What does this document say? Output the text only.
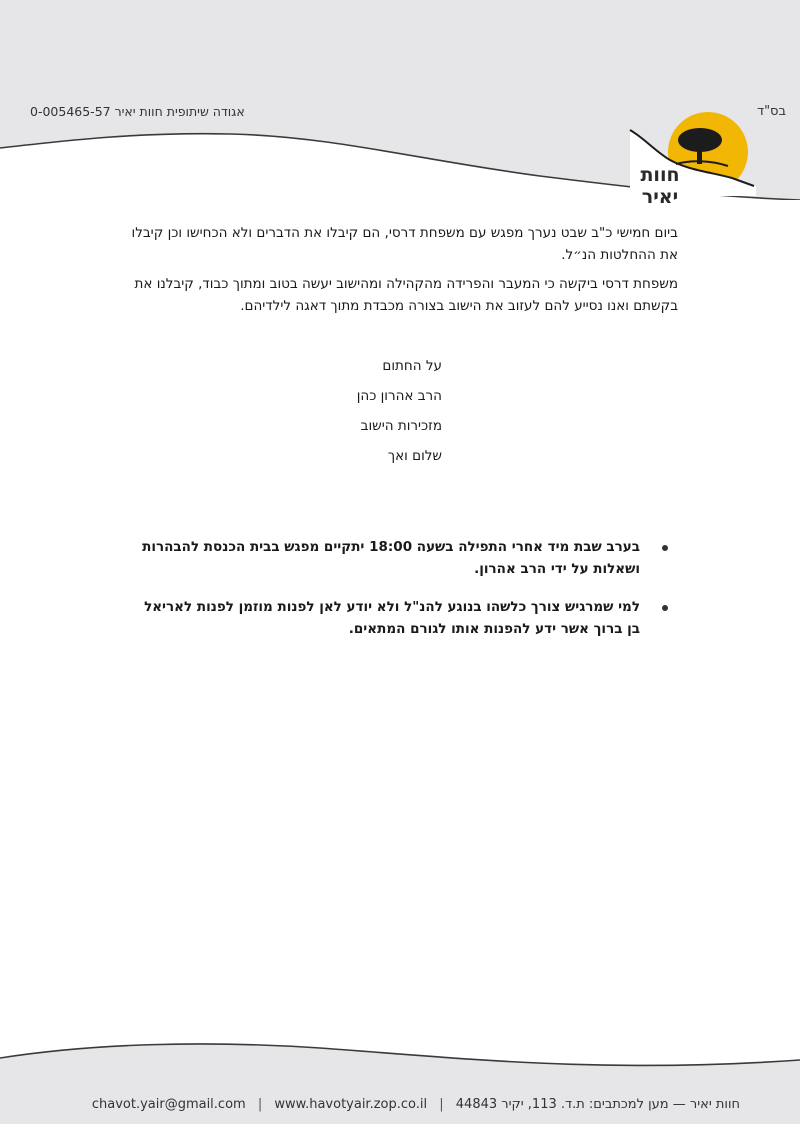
בס"ד
אגודה שיתופית חוות יאיר 0-005465-57
חוות יאיר
ביום חמישי כ"ב שבט נערך מפגש עם משפחת דרסי, הם קיבלו את הדברים ולא הכחישו וכן קיבלו את ההחלטות הנ״ל.
משפחת דרסי ביקשה כי המעבר והפרידה מהקהילה ומהישוב יעשה בטוב ומתוך כבוד, קיבלנו את בקשתם ואנו נסייע להם לעזוב את הישוב בצורה מכבדת מתוך דאגה לילדיהם.
על החתום
הרב אהרון כהן
מזכירות הישוב
שלום ואך
בערב שבת מיד אחרי התפילה בשעה 18:00 יתקיים מפגש בבית הכנסת להבהרות ושאלות על ידי הרב אהרון.
למי שמרגיש צורך כלשהו בנוגע להנ"ל ולא יודע לאן לפנות מוזמן לפנות לאריאל בן ברוך אשר ידע להפנות אותו לגורם המתאים.
chavot.yair@gmail.com | www.havotyair.zop.co.il | חוות יאיר — מען למכתבים: ת.ד. 113, יקיר 44843
